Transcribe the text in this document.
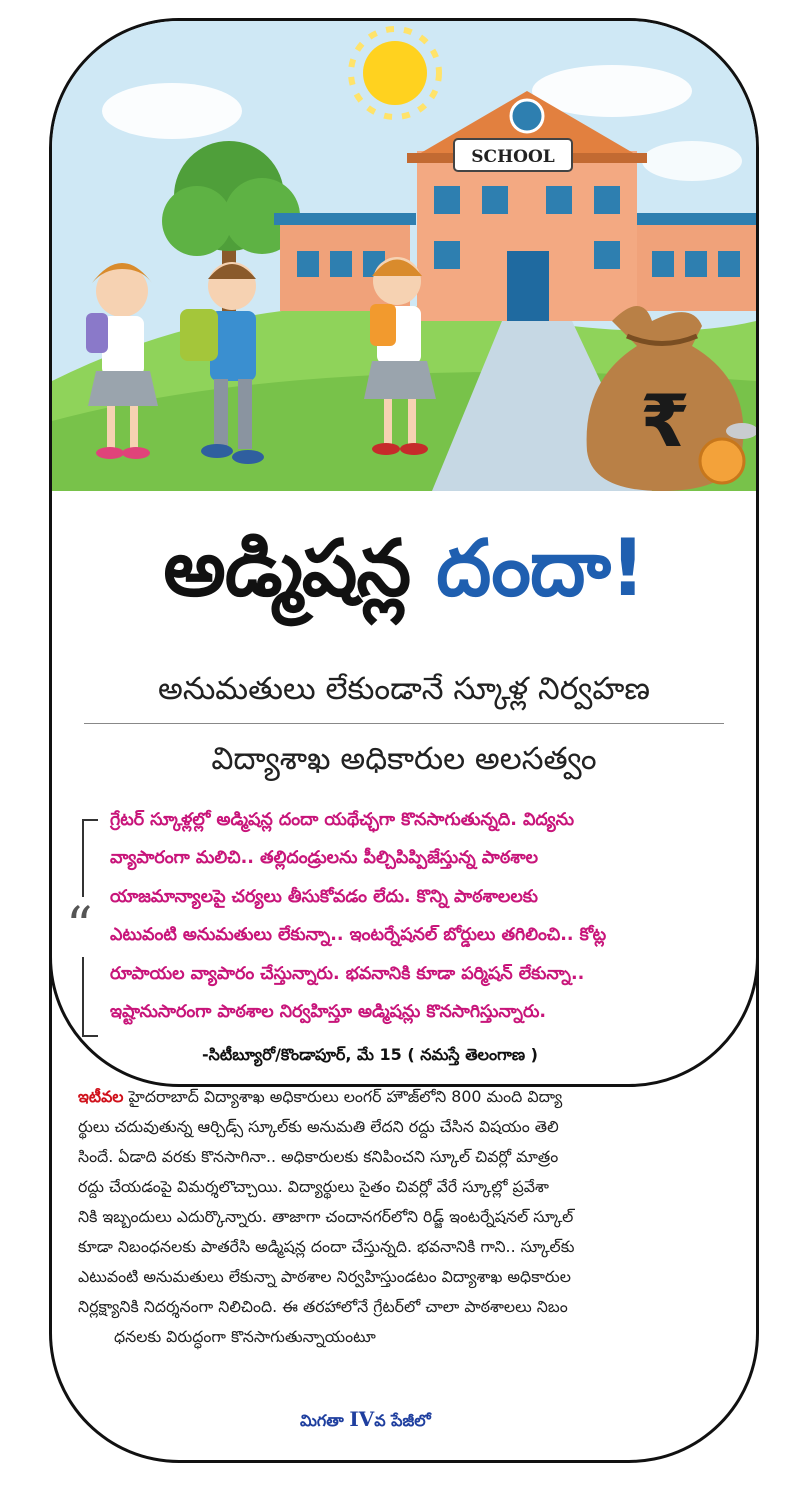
SCHOOL
₹
అడ్మిషన్ల దందా!
అనుమతులు లేకుండానే స్కూళ్ల నిర్వహణ
విద్యాశాఖ అధికారుల అలసత్వం
“
గ్రేటర్ స్కూళ్లల్లో అడ్మిషన్ల దందా యథేచ్ఛగా కొనసాగుతున్నది. విద్యను
వ్యాపారంగా మలిచి.. తల్లిదండ్రులను పీల్చిపిప్పిజేస్తున్న పాఠశాల
యాజమాన్యాలపై చర్యలు తీసుకోవడం లేదు. కొన్ని పాఠశాలలకు
ఎటువంటి అనుమతులు లేకున్నా.. ఇంటర్నేషనల్ బోర్డులు తగిలించి.. కోట్ల
రూపాయల వ్యాపారం చేస్తున్నారు. భవనానికి కూడా పర్మిషన్ లేకున్నా..
ఇష్టానుసారంగా పాఠశాల నిర్వహిస్తూ అడ్మిషన్లు కొనసాగిస్తున్నారు.
-సిటీబ్యూరో/కొండాపూర్, మే 15 ( నమస్తే తెలంగాణ )
ఇటీవల హైదరాబాద్ విద్యాశాఖ అధికారులు లంగర్ హౌజ్‌లోని 800 మంది విద్యా
ర్థులు చదువుతున్న ఆర్చిడ్స్ స్కూల్‌కు అనుమతి లేదని రద్దు చేసిన విషయం తెలి
సిందే. ఏడాది వరకు కొనసాగినా.. అధికారులకు కనిపించని స్కూల్ చివర్లో మాత్రం
రద్దు చేయడంపై విమర్శలొచ్చాయి. విద్యార్థులు సైతం చివర్లో వేరే స్కూల్లో ప్రవేశా
నికి ఇబ్బందులు ఎదుర్కొన్నారు. తాజాగా చందానగర్‌లోని రిడ్జ్ ఇంటర్నేషనల్ స్కూల్
కూడా నిబంధనలకు పాతరేసి అడ్మిషన్ల దందా చేస్తున్నది. భవనానికి గాని.. స్కూల్‌కు
ఎటువంటి అనుమతులు లేకున్నా పాఠశాల నిర్వహిస్తుండటం విద్యాశాఖ అధికారుల
నిర్లక్ష్యానికి నిదర్శనంగా నిలిచింది. ఈ తరహాలోనే గ్రేటర్‌లో చాలా పాఠశాలలు నిబం
ధనలకు విరుద్ధంగా కొనసాగుతున్నాయంటూ
మిగతా IVవ పేజీలో
